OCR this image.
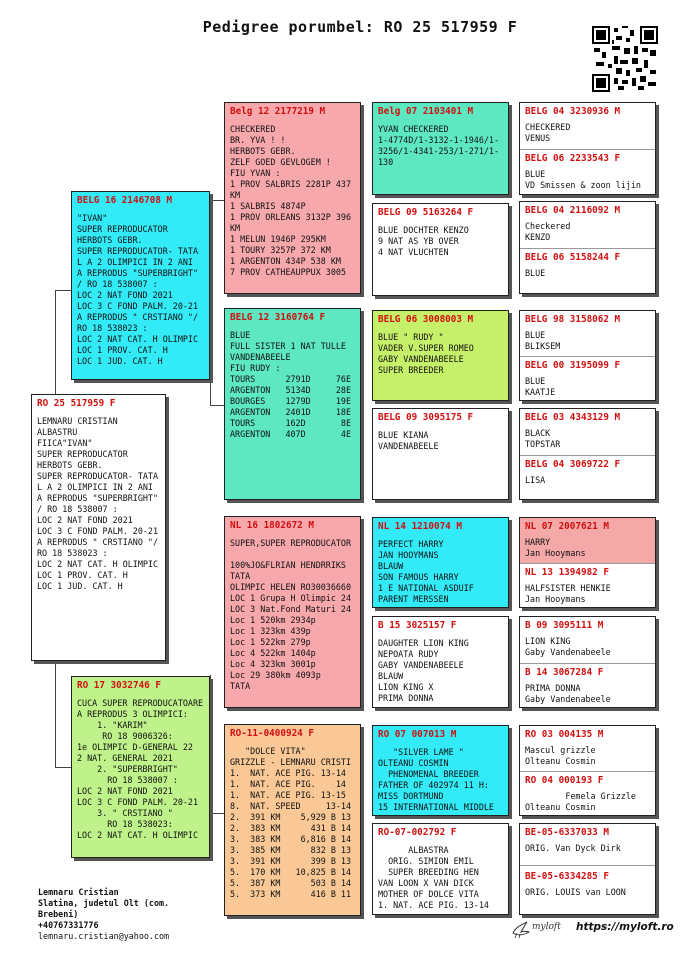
Pedigree porumbel: RO 25 517959 F
RO 25 517959 F
LEMNARU CRISTIAN
ALBASTRU
FIICA"IVAN"
SUPER REPRODUCATOR
HERBOTS GEBR.
SUPER REPRODUCATOR- TATA L A 2 OLIMPICI IN 2 ANI
A REPRODUS "SUPERBRIGHT" / RO 18 538007 :
LOC 2 NAT FOND 2021
LOC 3 C FOND PALM. 20-21
A REPRODUS " CRSTIANO "/ RO 18 538023 :
LOC 2 NAT CAT. H OLIMPIC
LOC 1 PROV. CAT. H
LOC 1 JUD. CAT. H
BELG 16 2146708 M
"IVAN"
SUPER REPRODUCATOR
HERBOTS GEBR.
SUPER REPRODUCATOR- TATA L A 2 OLIMPICI IN 2 ANI
A REPRODUS "SUPERBRIGHT" / RO 18 538007 :
LOC 2 NAT FOND 2021
LOC 3 C FOND PALM. 20-21
A REPRODUS " CRSTIANO "/ RO 18 538023 :
LOC 2 NAT CAT. H OLIMPIC
LOC 1 PROV. CAT. H
LOC 1 JUD. CAT. H
RO 17 3032746 F
CUCA SUPER REPRODUCATOARE
A REPRODUS 3 OLIMPICI:
1. "KARIM"
RO 18 9006326:
1e OLIMPIC D-GENERAL 22
2 NAT. GENERAL 2021
2. "SUPERBRIGHT"
RO 18 538007 :
LOC 2 NAT FOND 2021
LOC 3 C FOND PALM. 20-21
3. " CRSTIANO "
RO 18 538023:
LOC 2 NAT CAT. H OLIMPIC
Belg 12 2177219 M
CHECKERED
BR. YVA ! !
HERBOTS GEBR.
ZELF GOED GEVLOGEM !
FIU YVAN :
1 PROV SALBRIS 2281P 437 KM
1 SALBRIS 4874P
1 PROV ORLEANS 3132P 396 KM
1 MELUN 1946P 295KM
1 TOURY 3257P 372 KM
1 ARGENTON 434P 538 KM
7 PROV CATHEAUPPUX 3005
BELG 12 3160764 F
BLUE
FULL SISTER 1 NAT TULLE
VANDENABEELE
FIU RUDY :
TOURS      2791D     76E
ARGENTON   5134D     28E
BOURGES    1279D     19E
ARGENTON   2401D     18E
TOURS      162D       8E
ARGENTON   407D       4E
NL 16 1802672 M
SUPER,SUPER REPRODUCATOR

100%JO&FLRIAN HENDRRIKS TATA
OLIMPIC HELEN RO30036660
LOC 1 Grupa H Olimpic 24
LOC 3 Nat.Fond Maturi 24
Loc 1 520km 2934p
Loc 1 323km 439p
Loc 1 522km 279p
Loc 4 522km 1404p
Loc 4 323km 3001p
Loc 29 380km 4093p
TATA
RO-11-0400924 F
"DOLCE VITA"
GRIZZLE - LEMNARU CRISTI
1.  NAT. ACE PIG. 13-14
1.  NAT. ACE PIG.    14
1.  NAT. ACE PIG. 13-15
8.  NAT. SPEED     13-14
2.  391 KM    5,929 B 13
2.  383 KM      431 B 14
3.  383 KM    6,816 B 14
3.  385 KM      832 B 13
3.  391 KM      399 B 13
5.  170 KM   10,825 B 14
5.  387 KM      503 B 14
5.  373 KM      416 B 11
Belg 07 2103401 M
YVAN CHECKERED
1-4774D/1-3132-1-1946/1-3256/1-4341-253/1-271/1-130
BELG 09 5163264 F
BLUE DOCHTER KENZO
9 NAT AS YB OVER
4 NAT VLUCHTEN
BELG 06 3008003 M
BLUE " RUDY "
VADER V.SUPER ROMEO
GABY VANDENABEELE
SUPER BREEDER
BELG 09 3095175 F
BLUE KIANA
VANDENABEELE
NL 14 1210074 M
PERFECT HARRY
JAN HOOYMANS
BLAUW
SON FAMOUS HARRY
1 E NATIONAL ASDUIF
PARENT MERSSEN
B 15 3025157 F
DAUGHTER LION KING
NEPOATA RUDY
GABY VANDENABEELE
BLAUW
LION KING X
PRIMA DONNA
RO 07 007013 M
"SILVER LAME "
OLTEANU COSMIN
PHENOMENAL BREEDER
FATHER OF 402974 11 H:
MISS DORTMUND
15 INTERNATIONAL MIDDLE
RO-07-002792 F
ALBASTRA
ORIG. SIMION EMIL
SUPER BREEDING HEN
VAN LOON X VAN DICK
MOTHER OF DOLCE VITA
1. NAT. ACE PIG. 13-14
BELG 04 3230936 M
CHECKERED
VENUS
BELG 06 2233543 F
BLUE
VD Smissen & zoon lijin
BELG 04 2116092 M
Checkered
KENZO
BELG 06 5158244 F
BLUE
BELG 98 3158062 M
BLUE
BLIKSEM
BELG 00 3195099 F
BLUE
KAATJE
BELG 03 4343129 M
BLACK
TOPSTAR
BELG 04 3069722 F
LISA
NL 07 2007621 M
HARRY
Jan Hooymans
NL 13 1394982 F
HALFSISTER HENKIE
Jan Hooymans
B 09 3095111 M
LION KING
Gaby Vandenabeele
B 14 3067284 F
PRIMA DONNA
Gaby Vandenabeele
RO 03 004135 M
Mascul grizzle
Olteanu Cosmin
RO 04 000193 F
Femela Grizzle
Olteanu Cosmin
BE-05-6337033 M
ORIG. Van Dyck Dirk
BE-05-6334285 F
ORIG. LOUIS van LOON
Lemnaru Cristian
Slatina, judetul Olt (com. Brebeni)
+40767331776
lemnaru.cristian@yahoo.com
myloft https://myloft.ro
